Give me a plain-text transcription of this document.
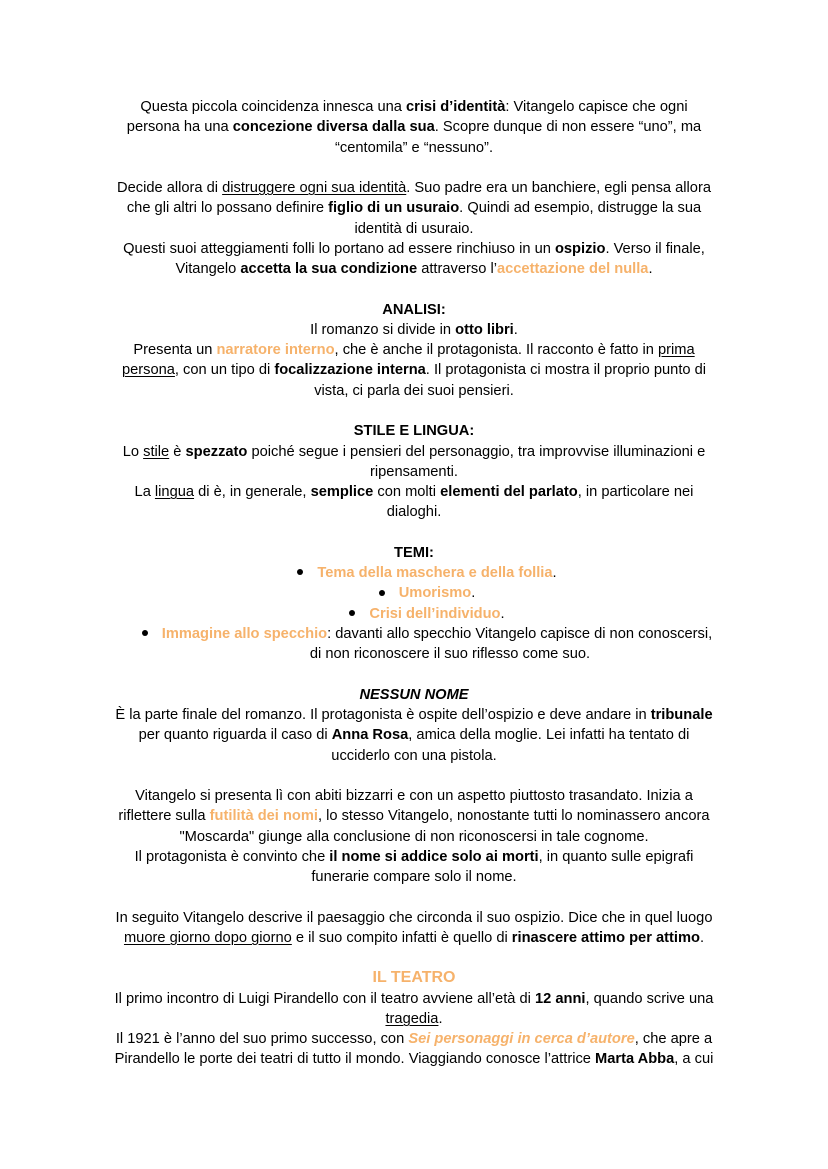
Questa piccola coincidenza innesca una crisi d’identità: Vitangelo capisce che ogni
persona ha una concezione diversa dalla sua. Scopre dunque di non essere “uno”, ma
“centomila” e “nessuno”.
Decide allora di distruggere ogni sua identità. Suo padre era un banchiere, egli pensa allora
che gli altri lo possano definire figlio di un usuraio. Quindi ad esempio, distrugge la sua
identità di usuraio.
Questi suoi atteggiamenti folli lo portano ad essere rinchiuso in un ospizio. Verso il finale,
Vitangelo accetta la sua condizione attraverso l’accettazione del nulla.
ANALISI:
Il romanzo si divide in otto libri.
Presenta un narratore interno, che è anche il protagonista. Il racconto è fatto in prima
persona, con un tipo di focalizzazione interna. Il protagonista ci mostra il proprio punto di
vista, ci parla dei suoi pensieri.
STILE E LINGUA:
Lo stile è spezzato poiché segue i pensieri del personaggio, tra improvvise illuminazioni e
ripensamenti.
La lingua di è, in generale, semplice con molti elementi del parlato, in particolare nei
dialoghi.
TEMI:
Tema della maschera e della follia.
Umorismo.
Crisi dell’individuo.
Immagine allo specchio: davanti allo specchio Vitangelo capisce di non conoscersi,
di non riconoscere il suo riflesso come suo.
NESSUN NOME
È la parte finale del romanzo. Il protagonista è ospite dell’ospizio e deve andare in tribunale
per quanto riguarda il caso di Anna Rosa, amica della moglie. Lei infatti ha tentato di
ucciderlo con una pistola.
Vitangelo si presenta lì con abiti bizzarri e con un aspetto piuttosto trasandato. Inizia a
riflettere sulla futilità dei nomi, lo stesso Vitangelo, nonostante tutti lo nominassero ancora
"Moscarda" giunge alla conclusione di non riconoscersi in tale cognome.
Il protagonista è convinto che il nome si addice solo ai morti, in quanto sulle epigrafi
funerarie compare solo il nome.
In seguito Vitangelo descrive il paesaggio che circonda il suo ospizio. Dice che in quel luogo
muore giorno dopo giorno e il suo compito infatti è quello di rinascere attimo per attimo.
IL TEATRO
Il primo incontro di Luigi Pirandello con il teatro avviene all’età di 12 anni, quando scrive una
tragedia.
Il 1921 è l’anno del suo primo successo, con Sei personaggi in cerca d’autore, che apre a
Pirandello le porte dei teatri di tutto il mondo. Viaggiando conosce l’attrice Marta Abba, a cui
